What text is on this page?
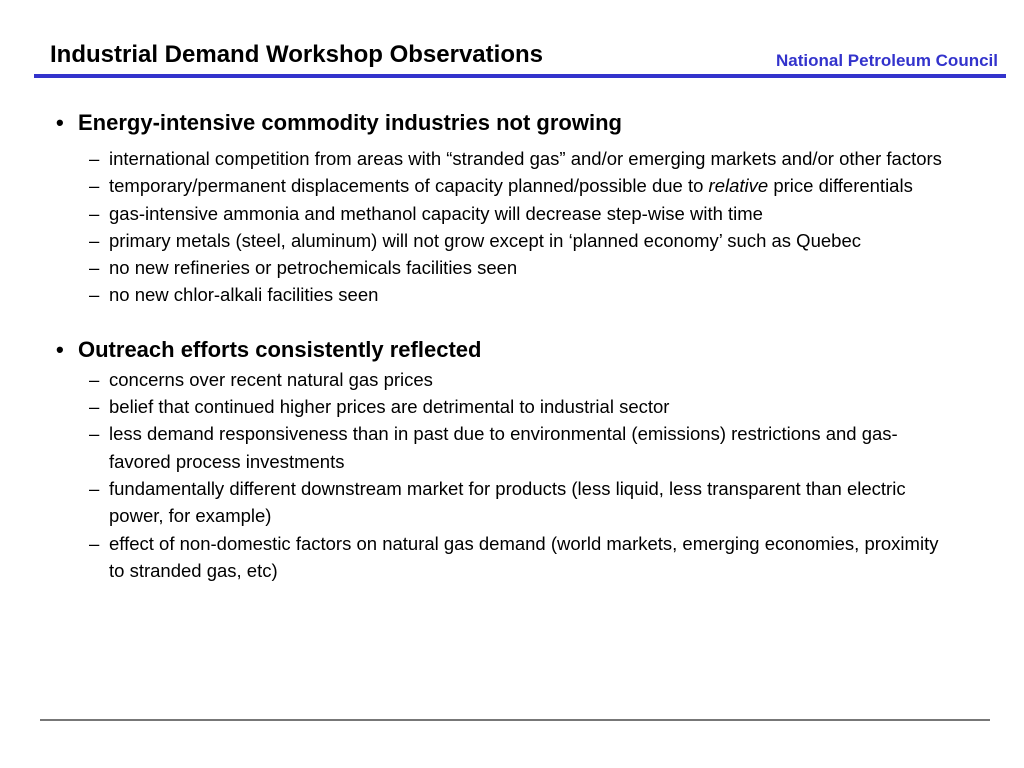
Industrial Demand Workshop Observations	National Petroleum Council
• Energy-intensive commodity industries not growing
– international competition from areas with “stranded gas” and/or emerging markets and/or other factors
– temporary/permanent displacements of capacity planned/possible due to relative price differentials
– gas-intensive ammonia and methanol capacity will decrease step-wise with time
– primary metals (steel, aluminum) will not grow except in ‘planned economy’ such as Quebec
– no new refineries or petrochemicals facilities seen
– no new chlor-alkali facilities seen
• Outreach efforts consistently reflected
– concerns over recent natural gas prices
– belief that continued higher prices are detrimental to industrial sector
– less demand responsiveness than in past due to environmental (emissions) restrictions and gas-favored process investments
– fundamentally different downstream market for products (less liquid, less transparent than electric power, for example)
– effect of non-domestic factors on natural gas demand (world markets, emerging economies, proximity to stranded gas, etc)
